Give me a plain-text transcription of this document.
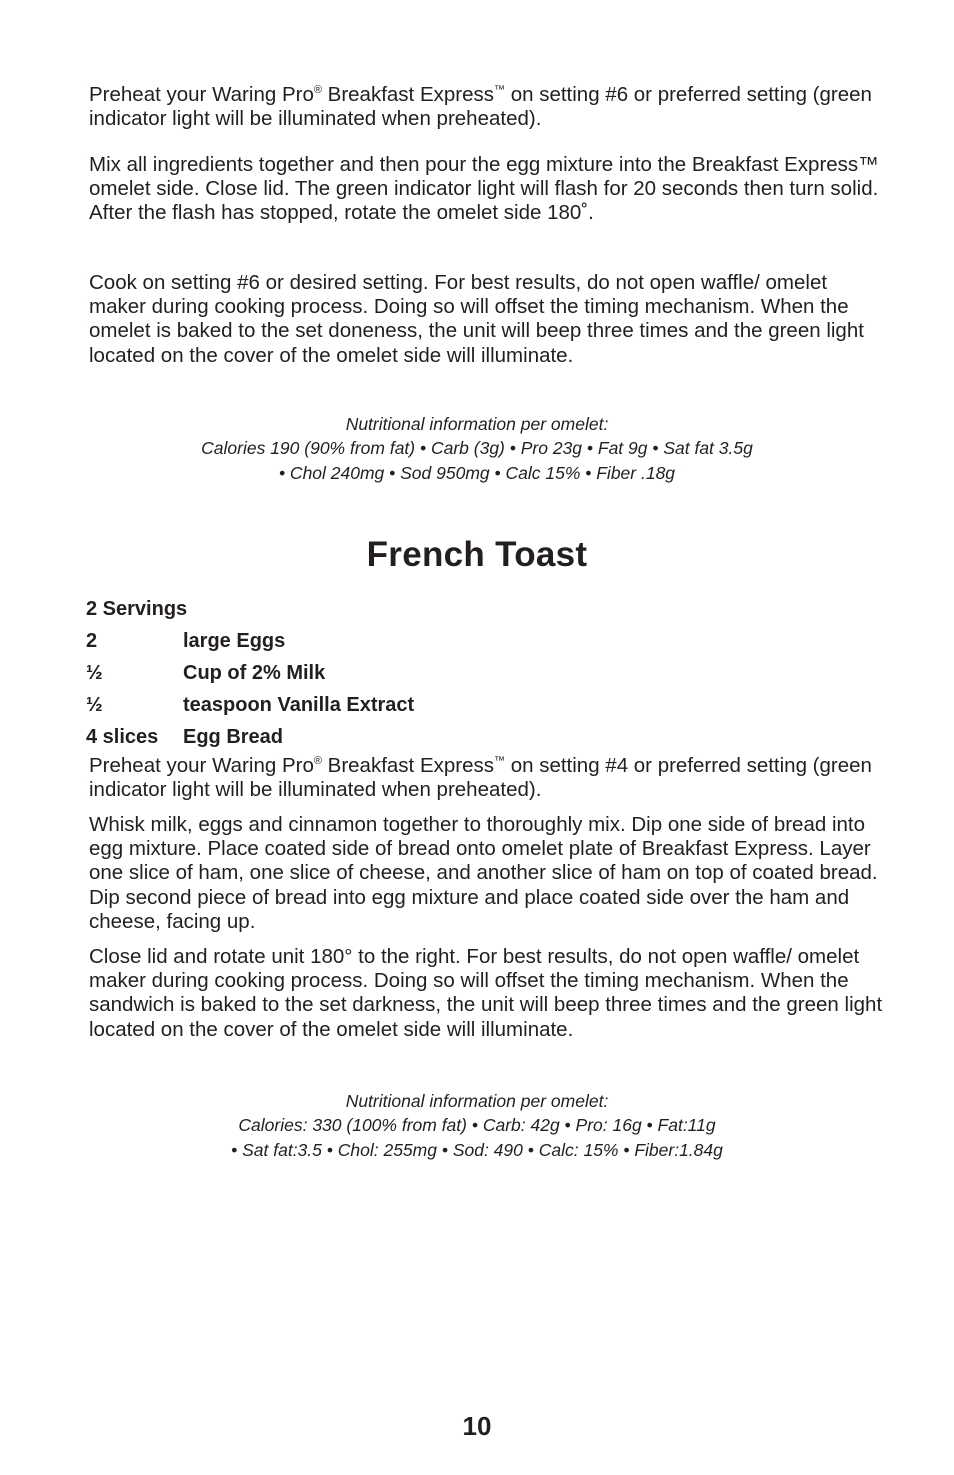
Preheat your Waring Pro® Breakfast Express™ on setting #6 or preferred setting (green indicator light will be illuminated when preheated).

Mix all ingredients together and then pour the egg mixture into the Breakfast Express™ omelet side. Close lid. The green indicator light will flash for 20 seconds then turn solid. After the flash has stopped, rotate the omelet side 180˚.

Cook on setting #6 or desired setting. For best results, do not open waffle/ omelet maker during cooking process. Doing so will offset the timing mechanism. When the omelet is baked to the set doneness, the unit will beep three times and the green light located on the cover of the omelet side will illuminate.

Nutritional information per omelet:
Calories 190 (90% from fat) • Carb (3g) • Pro 23g • Fat 9g • Sat fat 3.5g
• Chol 240mg • Sod 950mg • Calc 15% • Fiber .18g
French Toast
2 Servings
2	large Eggs
½	Cup of 2% Milk
½	teaspoon Vanilla Extract
4 slices Egg Bread

Preheat your Waring Pro® Breakfast Express™ on setting #4 or preferred setting (green indicator light will be illuminated when preheated).

Whisk milk, eggs and cinnamon together to thoroughly mix. Dip one side of bread into egg mixture. Place coated side of bread onto omelet plate of Breakfast Express. Layer one slice of ham, one slice of cheese, and another slice of ham on top of coated bread. Dip second piece of bread into egg mixture and place coated side over the ham and cheese, facing up.

Close lid and rotate unit 180° to the right. For best results, do not open waffle/ omelet maker during cooking process. Doing so will offset the timing mechanism. When the sandwich is baked to the set darkness, the unit will beep three times and the green light located on the cover of the omelet side will illuminate.

Nutritional information per omelet:
Calories: 330 (100% from fat) • Carb: 42g • Pro: 16g • Fat:11g
• Sat fat:3.5 • Chol: 255mg • Sod: 490 • Calc: 15% • Fiber:1.84g
10
